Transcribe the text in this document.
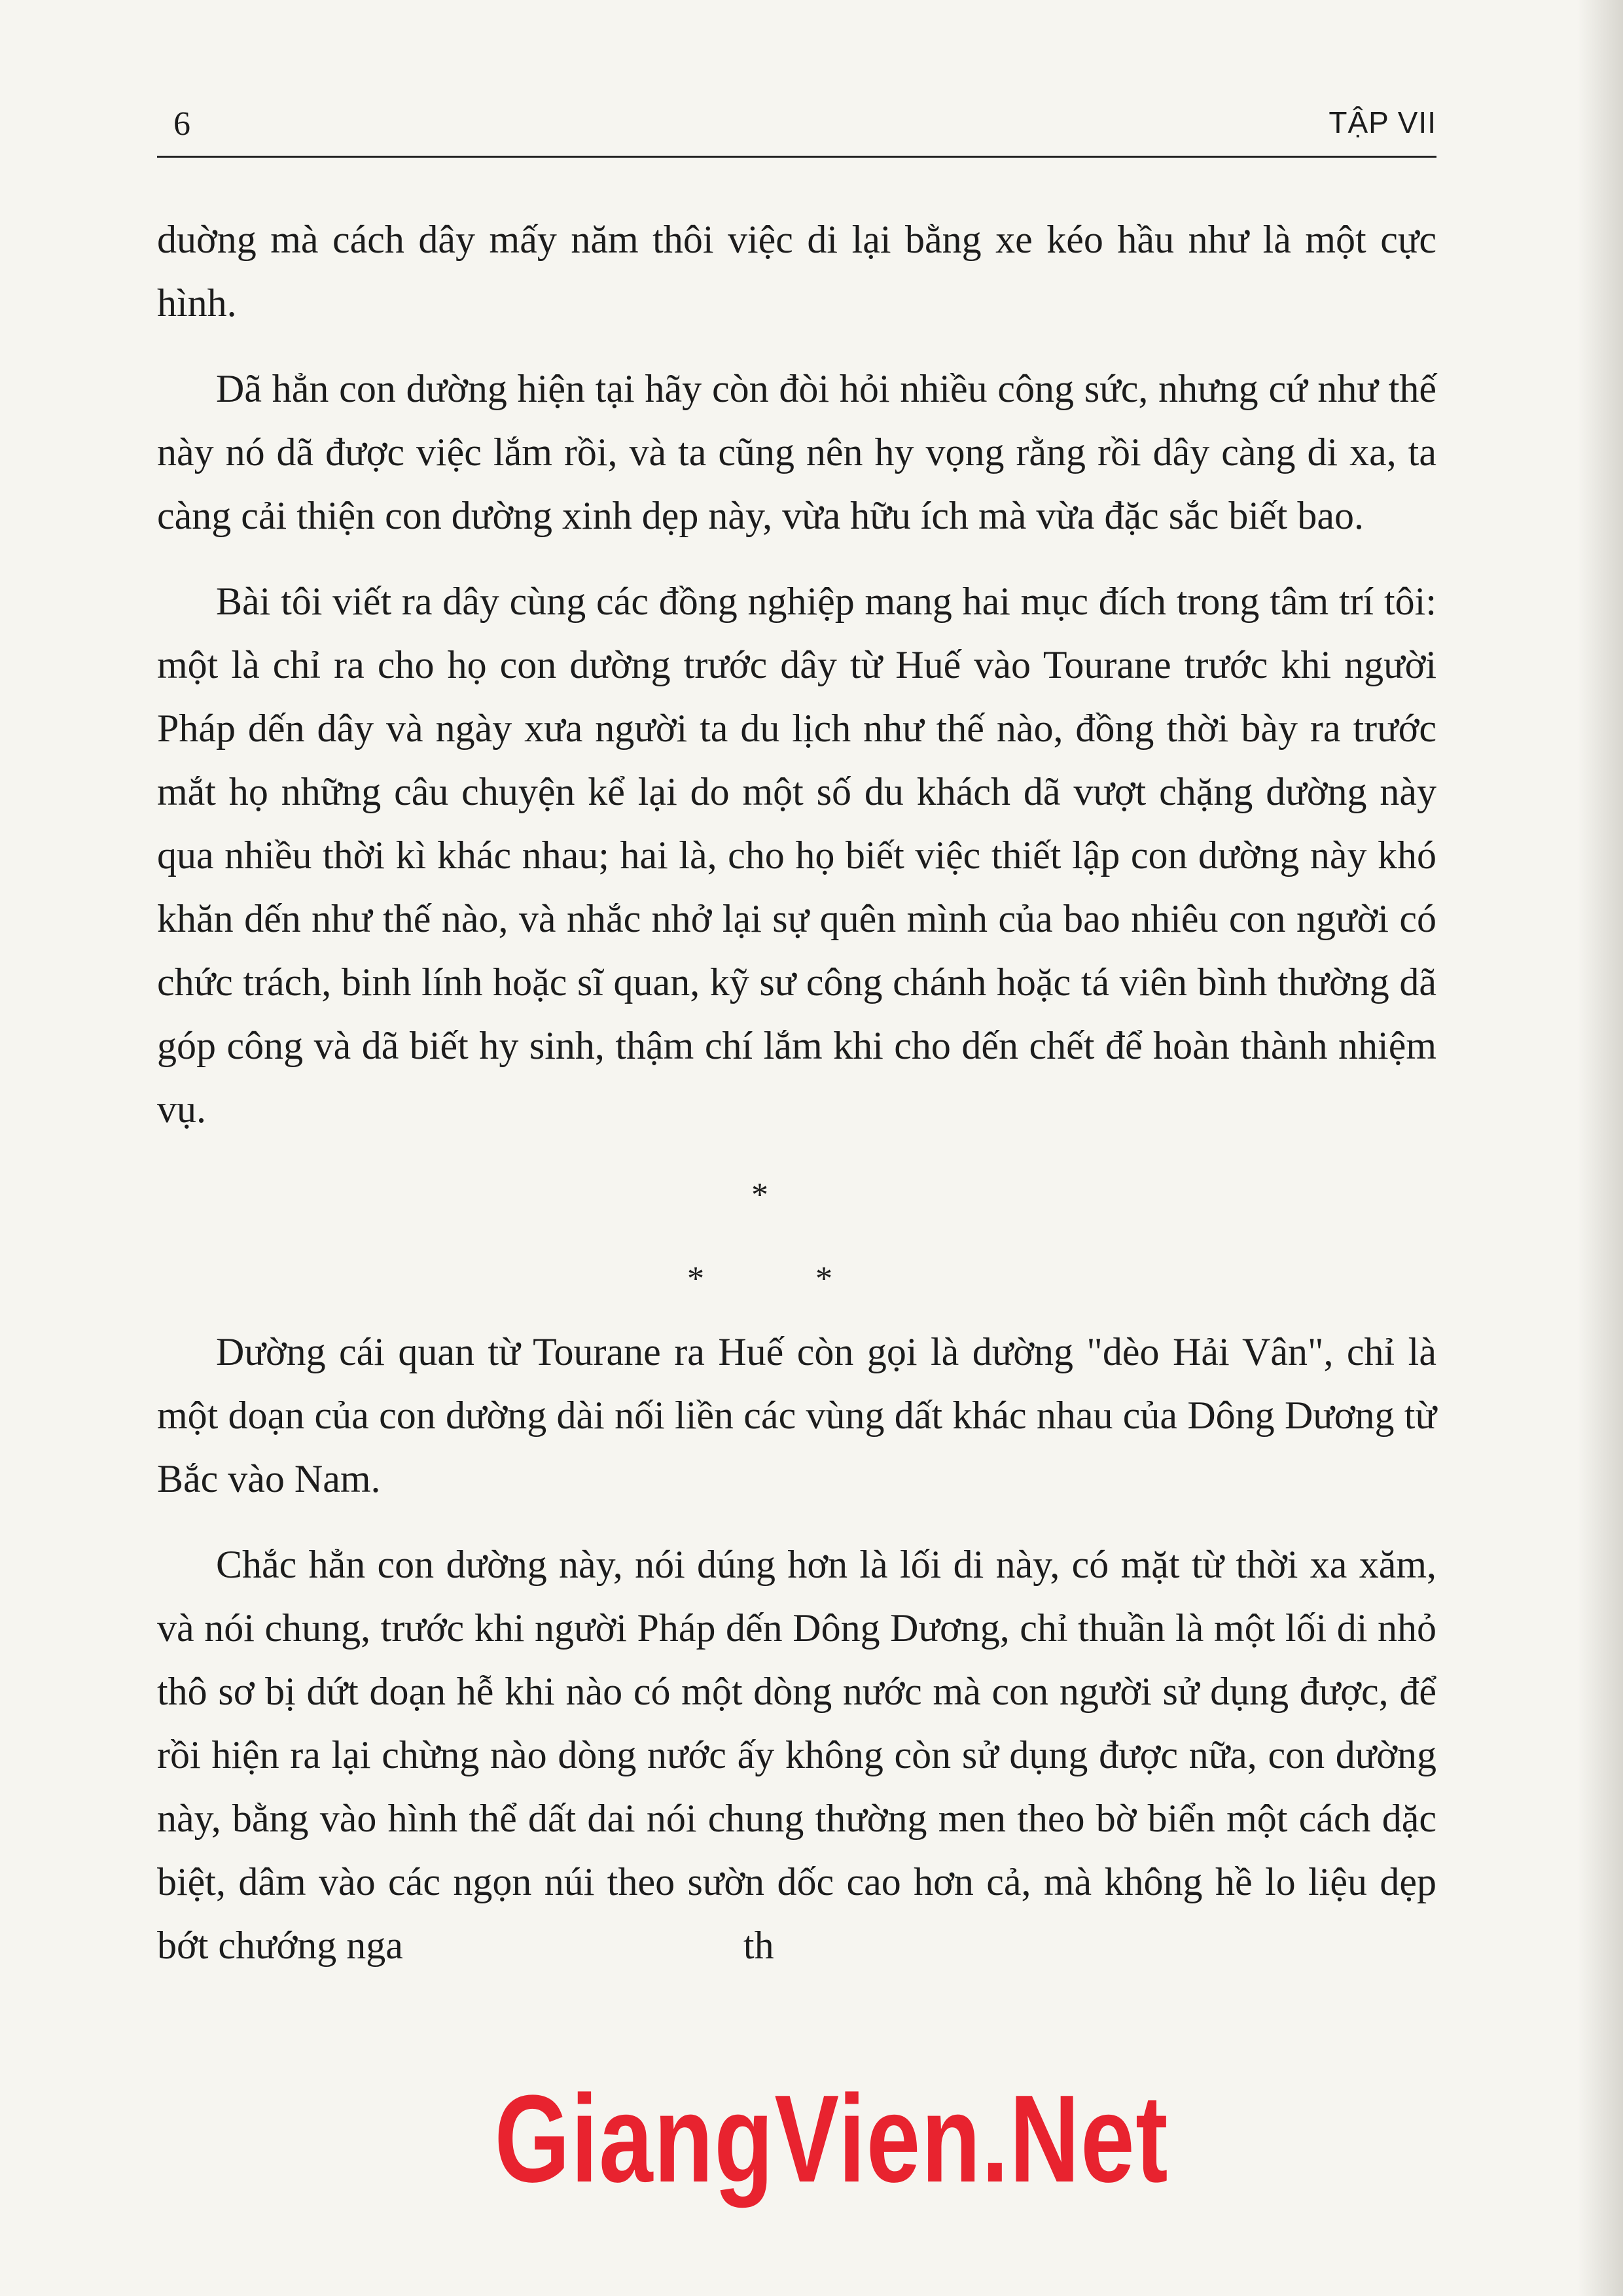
6	TẬP VII

duờng mà cách dây mấy năm thôi việc di lại bằng xe kéo hầu như là một cực hình.

Dã hẳn con dường hiện tại hãy còn đòi hỏi nhiều công sức, nhưng cứ như thế này nó dã được việc lắm rồi, và ta cũng nên hy vọng rằng rồi dây càng di xa, ta càng cải thiện con dường xinh dẹp này, vừa hữu ích mà vừa đặc sắc biết bao.

Bài tôi viết ra dây cùng các đồng nghiệp mang hai mục đích trong tâm trí tôi: một là chỉ ra cho họ con dường trước dây từ Huế vào Tourane trước khi người Pháp dến dây và ngày xưa người ta du lịch như thế nào, đồng thời bày ra trước mắt họ những câu chuyện kể lại do một số du khách dã vượt chặng dường này qua nhiều thời kì khác nhau; hai là, cho họ biết việc thiết lập con dường này khó khăn dến như thế nào, và nhắc nhở lại sự quên mình của bao nhiêu con người có chức trách, binh lính hoặc sĩ quan, kỹ sư công chánh hoặc tá viên bình thường dã góp công và dã biết hy sinh, thậm chí lắm khi cho dến chết để hoàn thành nhiệm vụ.

*
*	*

Dường cái quan từ Tourane ra Huế còn gọi là dường "dèo Hải Vân", chỉ là một doạn của con dường dài nối liền các vùng dất khác nhau của Dông Dương từ Bắc vào Nam.

Chắc hẳn con dường này, nói dúng hơn là lối di này, có mặt từ thời xa xăm, và nói chung, trước khi người Pháp dến Dông Dương, chỉ thuần là một lối di nhỏ thô sơ bị dứt doạn hễ khi nào có một dòng nước mà con người sử dụng được, để rồi hiện ra lại chừng nào dòng nước ấy không còn sử dụng được nữa, con dường này, bằng vào hình thể dất dai nói chung thường men theo bờ biển một cách dặc biệt, dâm vào các ngọn núi theo sườn dốc cao hơn cả, mà không hề lo liệu dẹp bớt chướng nga	th

GiangVien.Net
